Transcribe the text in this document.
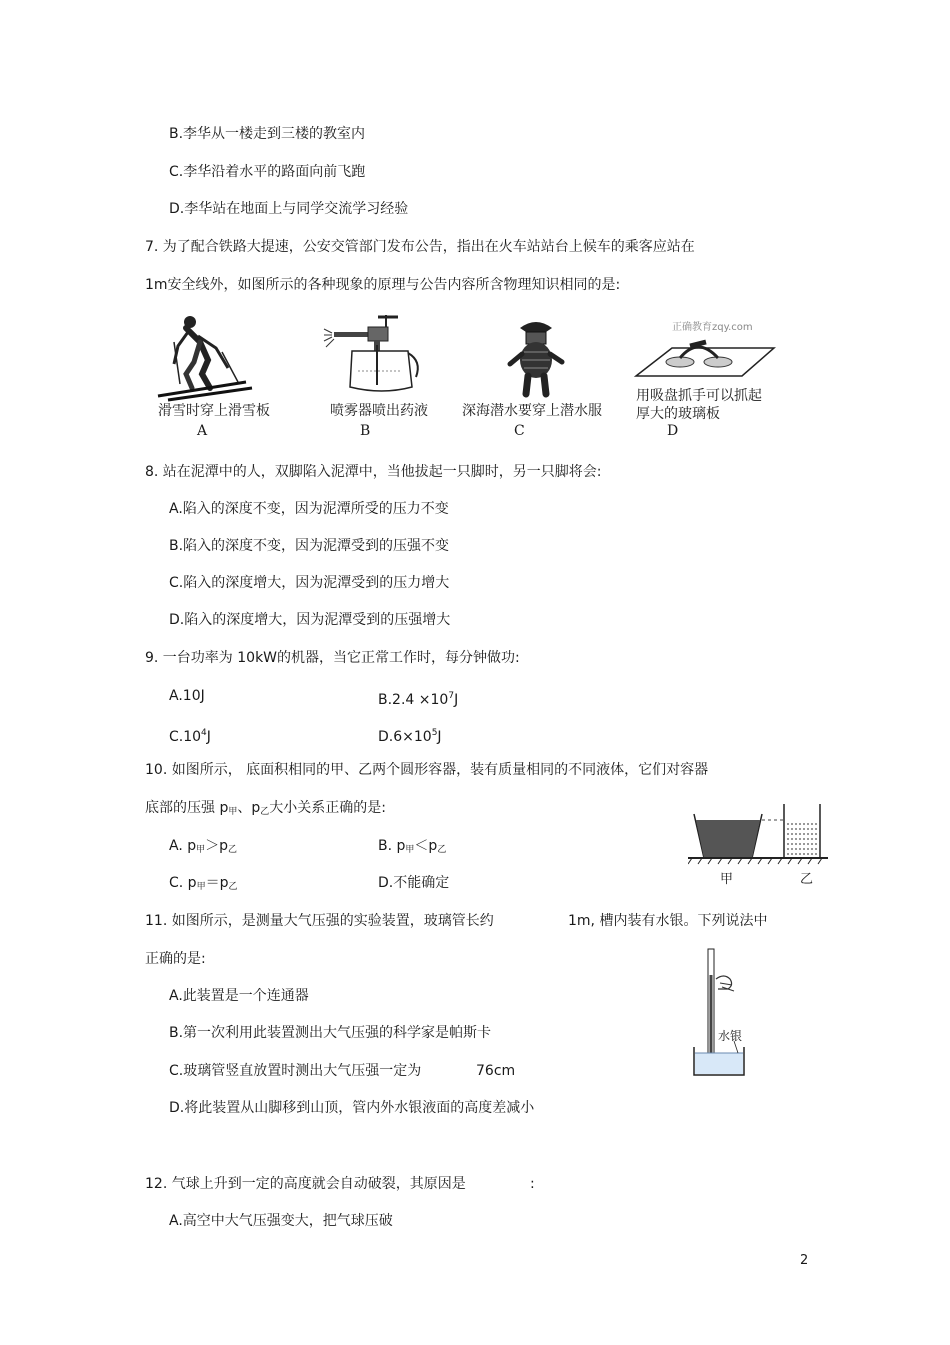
B.李华从一楼走到三楼的教室内
C.李华沿着水平的路面向前飞跑
D.李华站在地面上与同学交流学习经验
7. 为了配合铁路大提速，公安交管部门发布公告，指出在火车站站台上候车的乘客应站在
1m安全线外，如图所示的各种现象的原理与公告内容所含物理知识相同的是:
滑雪时穿上滑雪板
A
喷雾器喷出药液
B
深海潜水要穿上潜水服
C
正确教育zqy.com
用吸盘抓手可以抓起
厚大的玻璃板
D
8. 站在泥潭中的人，双脚陷入泥潭中，当他拔起一只脚时，另一只脚将会:
A.陷入的深度不变，因为泥潭所受的压力不变
B.陷入的深度不变，因为泥潭受到的压强不变
C.陷入的深度增大，因为泥潭受到的压力增大
D.陷入的深度增大，因为泥潭受到的压强增大
9. 一台功率为 10kW的机器，当它正常工作时，每分钟做功:
A.10J	$B.2.4 \times 10^7J$
$C.10^4J$	$D.6\times 10^5J$
10. 如图所示， 底面积相同的甲、乙两个圆形容器，装有质量相同的不同液体，它们对容器
底部的压强 $p_甲$、$p_乙$大小关系正确的是:
A. $p_甲>p_乙$	B. $p_甲<p_乙$
C. $p_甲=p_乙$	D.不能确定	甲	乙
11. 如图所示，是测量大气压强的实验装置，玻璃管长约	1m, 槽内装有水银。下列说法中
正确的是:
A.此装置是一个连通器
B.第一次利用此装置测出大气压强的科学家是帕斯卡
C.玻璃管竖直放置时测出大气压强一定为	76cm
D.将此装置从山脚移到山顶，管内外水银液面的高度差减小
水银
12. 气球上升到一定的高度就会自动破裂，其原因是	:
A.高空中大气压强变大，把气球压破
2
